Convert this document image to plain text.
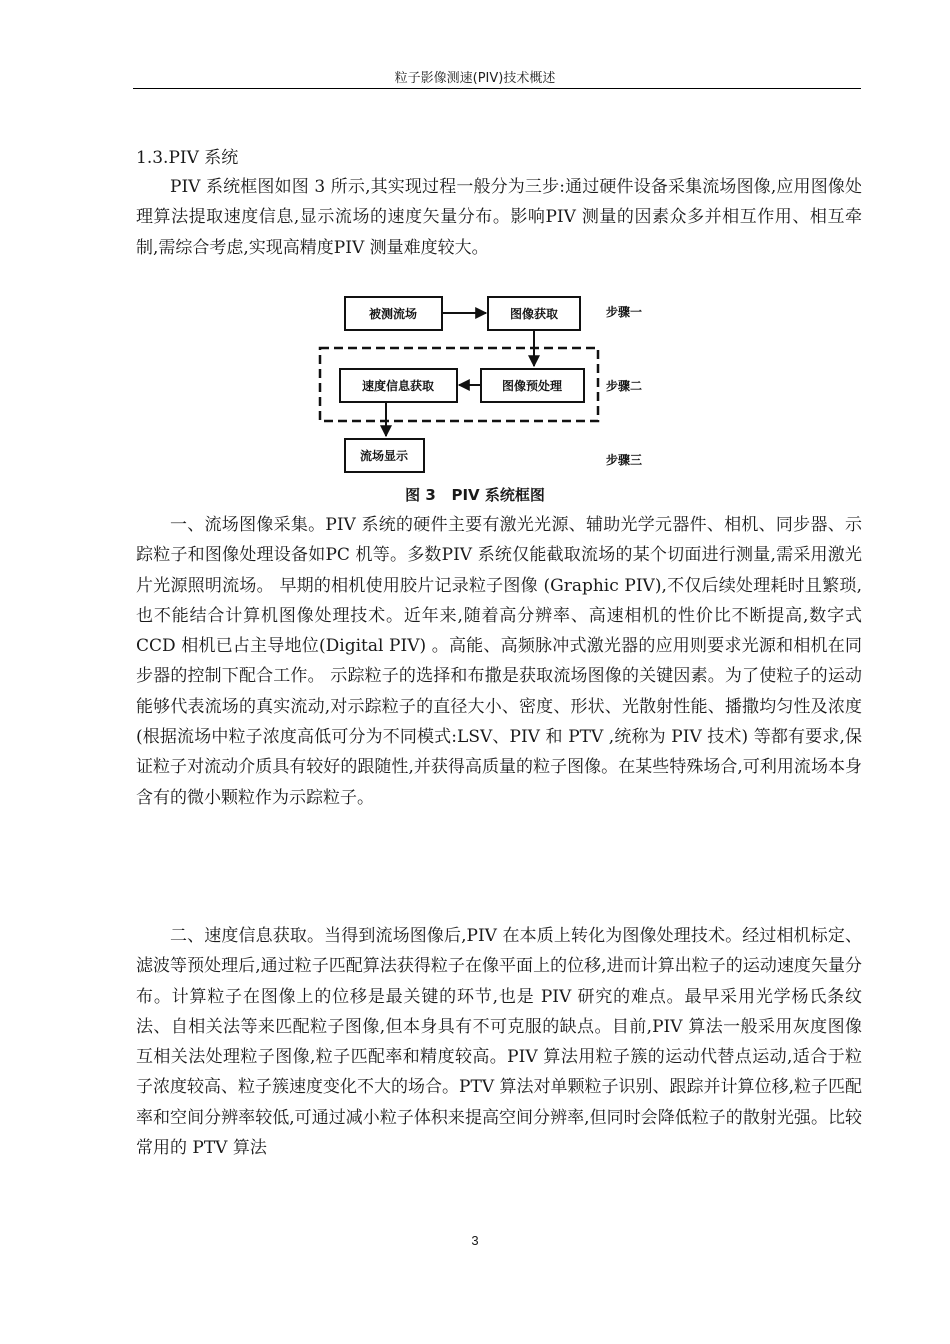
粒子影像测速(PIV)技术概述
1.3.PIV 系统

PIV 系统框图如图 3 所示,其实现过程一般分为三步:通过硬件设备采集流场图像,应用图像处理算法提取速度信息,显示流场的速度矢量分布。影响PIV 测量的因素众多并相互作用、相互牵制,需综合考虑,实现高精度PIV 测量难度较大。

被测流场	图像获取
图像预处理
速度信息获取
流场显示
步骤一
步骤二
步骤三
图 3 PIV 系统框图

一、流场图像采集。PIV 系统的硬件主要有激光光源、辅助光学元器件、相机、同步器、示踪粒子和图像处理设备如PC 机等。多数PIV 系统仅能截取流场的某个切面进行测量,需采用激光片光源照明流场。 早期的相机使用胶片记录粒子图像 (Graphic PIV),不仅后续处理耗时且繁琐,也不能结合计算机图像处理技术。近年来,随着高分辨率、高速相机的性价比不断提高,数字式 CCD 相机已占主导地位(Digital PIV) 。高能、高频脉冲式激光器的应用则要求光源和相机在同步器的控制下配合工作。 示踪粒子的选择和布撒是获取流场图像的关键因素。为了使粒子的运动能够代表流场的真实流动,对示踪粒子的直径大小、密度、形状、光散射性能、播撒均匀性及浓度(根据流场中粒子浓度高低可分为不同模式:LSV、PIV 和 PTV ,统称为 PIV 技术) 等都有要求,保证粒子对流动介质具有较好的跟随性,并获得高质量的粒子图像。在某些特殊场合,可利用流场本身含有的微小颗粒作为示踪粒子。

二、速度信息获取。当得到流场图像后,PIV 在本质上转化为图像处理技术。经过相机标定、滤波等预处理后,通过粒子匹配算法获得粒子在像平面上的位移,进而计算出粒子的运动速度矢量分布。计算粒子在图像上的位移是最关键的环节,也是 PIV 研究的难点。最早采用光学杨氏条纹法、自相关法等来匹配粒子图像,但本身具有不可克服的缺点。目前,PIV 算法一般采用灰度图像互相关法处理粒子图像,粒子匹配率和精度较高。PIV 算法用粒子簇的运动代替点运动,适合于粒子浓度较高、粒子簇速度变化不大的场合。PTV 算法对单颗粒子识别、跟踪并计算位移,粒子匹配率和空间分辨率较低,可通过减小粒子体积来提高空间分辨率,但同时会降低粒子的散射光强。比较常用的 PTV 算法

3
